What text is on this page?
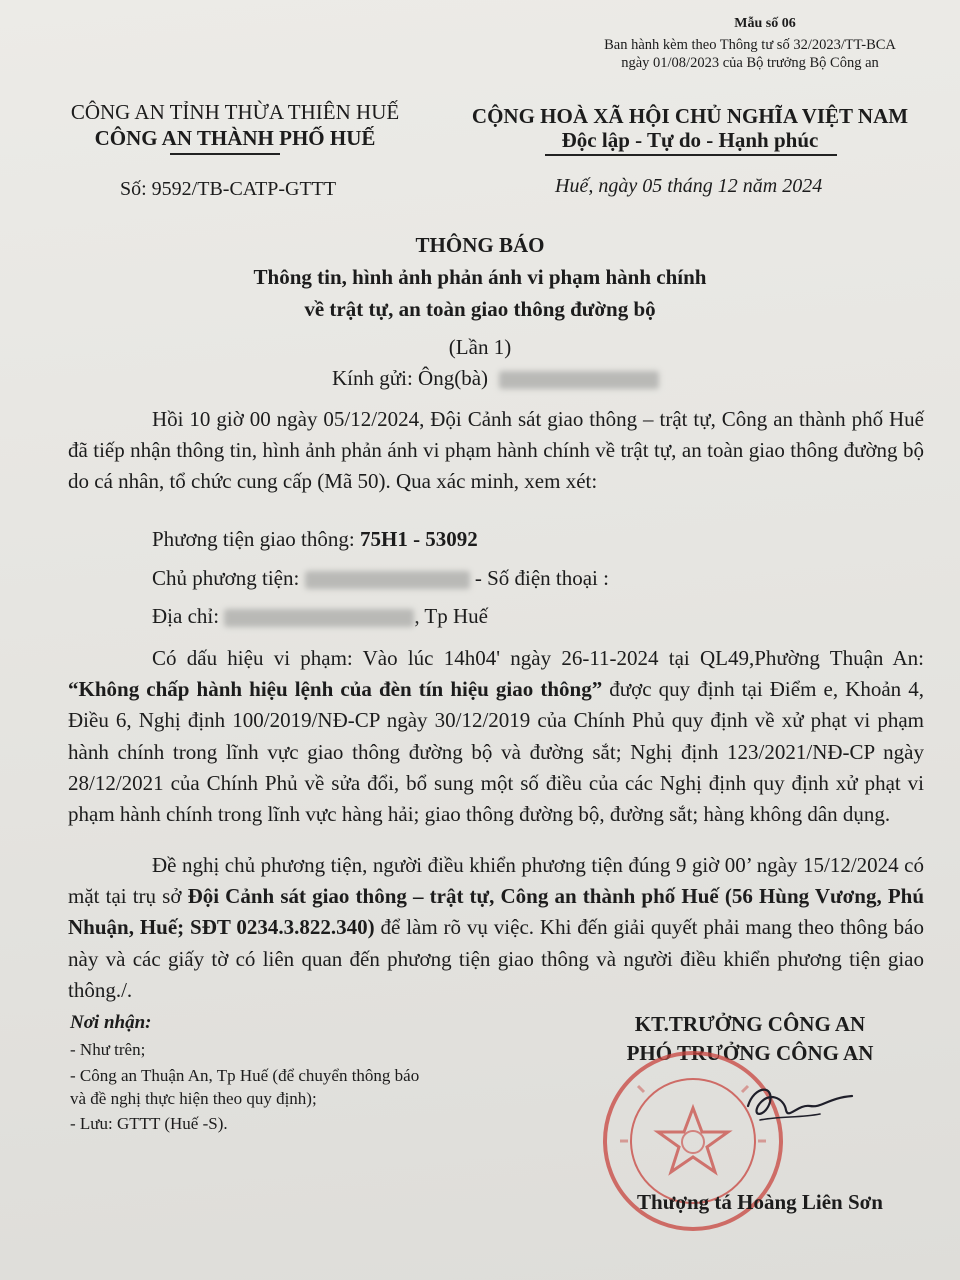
Mẫu số 06
Ban hành kèm theo Thông tư số 32/2023/TT-BCA
ngày 01/08/2023 của Bộ trưởng Bộ Công an
CÔNG AN TỈNH THỪA THIÊN HUẾ
CÔNG AN THÀNH PHỐ HUẾ
Số: 9592/TB-CATP-GTTT
CỘNG HOÀ XÃ HỘI CHỦ NGHĨA VIỆT NAM
Độc lập - Tự do - Hạnh phúc
Huế, ngày 05 tháng 12 năm 2024
THÔNG BÁO
Thông tin, hình ảnh phản ánh vi phạm hành chính
về trật tự, an toàn giao thông đường bộ
(Lần 1)
Kính gửi: Ông(bà)
Hồi 10 giờ 00 ngày 05/12/2024, Đội Cảnh sát giao thông – trật tự, Công an thành phố Huế đã tiếp nhận thông tin, hình ảnh phản ánh vi phạm hành chính về trật tự, an toàn giao thông đường bộ do cá nhân, tổ chức cung cấp (Mã 50). Qua xác minh, xem xét:
Phương tiện giao thông: 75H1 - 53092
Chủ phương tiện:	- Số điện thoại :
Địa chỉ:	, Tp Huế
Có dấu hiệu vi phạm: Vào lúc 14h04' ngày 26-11-2024 tại QL49,Phường Thuận An: “Không chấp hành hiệu lệnh của đèn tín hiệu giao thông” được quy định tại Điểm e, Khoản 4, Điều 6, Nghị định 100/2019/NĐ-CP ngày 30/12/2019 của Chính Phủ quy định về xử phạt vi phạm hành chính trong lĩnh vực giao thông đường bộ và đường sắt; Nghị định 123/2021/NĐ-CP ngày 28/12/2021 của Chính Phủ về sửa đổi, bổ sung một số điều của các Nghị định quy định xử phạt vi phạm hành chính trong lĩnh vực hàng hải; giao thông đường bộ, đường sắt; hàng không dân dụng.
Đề nghị chủ phương tiện, người điều khiển phương tiện đúng 9 giờ 00’ ngày 15/12/2024 có mặt tại trụ sở Đội Cảnh sát giao thông – trật tự, Công an thành phố Huế (56 Hùng Vương, Phú Nhuận, Huế; SĐT 0234.3.822.340) để làm rõ vụ việc. Khi đến giải quyết phải mang theo thông báo này và các giấy tờ có liên quan đến phương tiện giao thông và người điều khiển phương tiện giao thông./.
Nơi nhận:
- Như trên;
- Công an Thuận An, Tp Huế (để chuyển thông báo
và đề nghị thực hiện theo quy định);
- Lưu: GTTT (Huế -S).
KT.TRƯỞNG CÔNG AN
PHÓ TRƯỞNG CÔNG AN
Thượng tá Hoàng Liên Sơn
